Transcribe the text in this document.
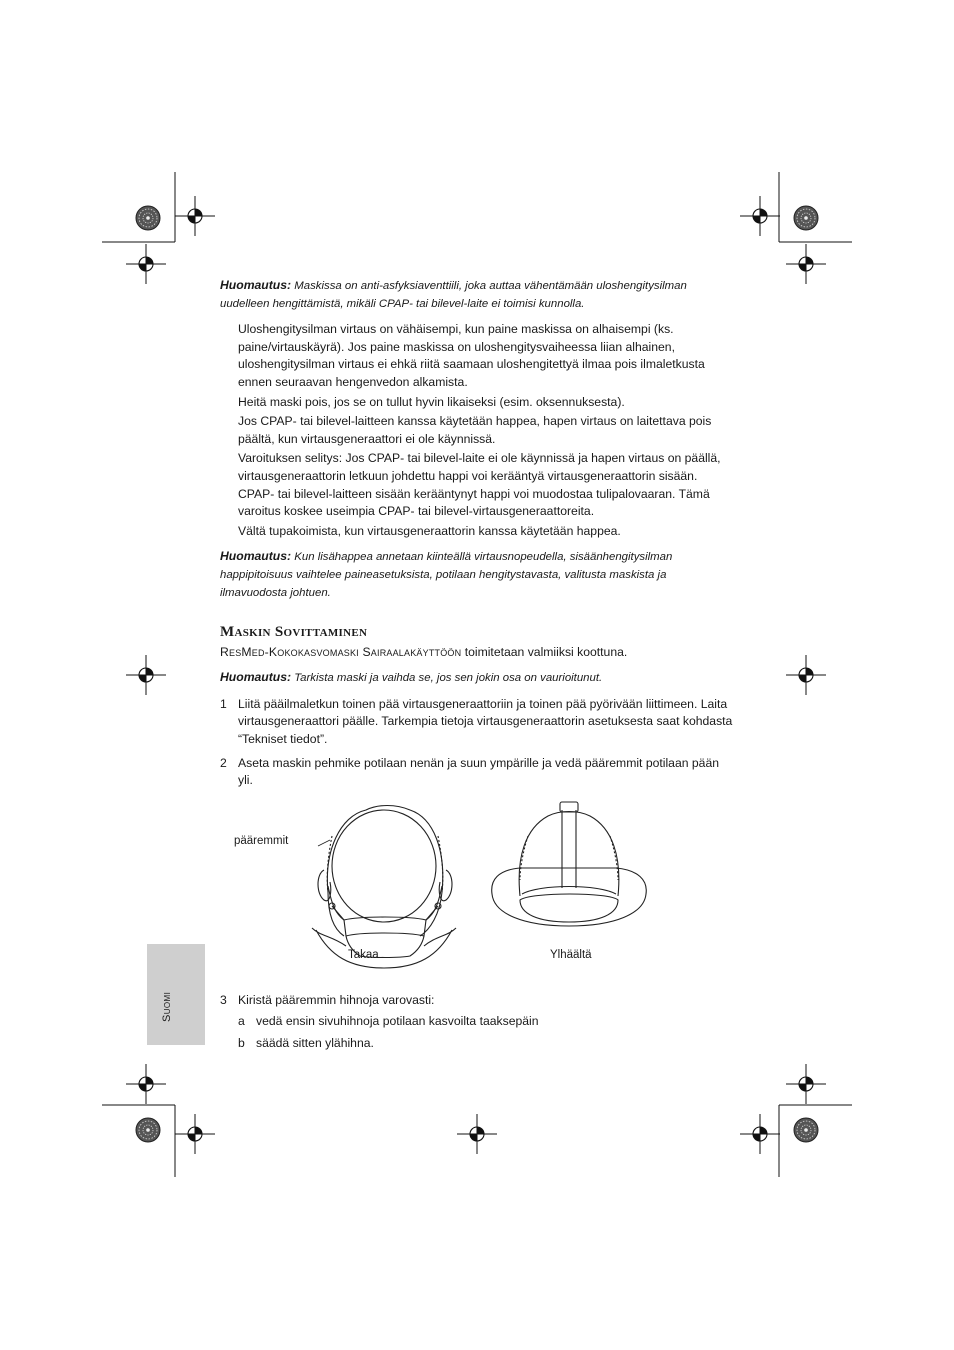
Suomi

Huomautus: Maskissa on anti-asfyksiaventtiili, joka auttaa vähentämään uloshengitysilman uudelleen hengittämistä, mikäli CPAP- tai bilevel-laite ei toimisi kunnolla.

Uloshengitysilman virtaus on vähäisempi, kun paine maskissa on alhaisempi (ks. paine/virtauskäyrä). Jos paine maskissa on uloshengitysvaiheessa liian alhainen, uloshengitysilman virtaus ei ehkä riitä saamaan uloshengitettyä ilmaa pois ilmaletkusta ennen seuraavan hengenvedon alkamista.

Heitä maski pois, jos se on tullut hyvin likaiseksi (esim. oksennuksesta).

Jos CPAP- tai bilevel-laitteen kanssa käytetään happea, hapen virtaus on laitettava pois päältä, kun virtausgeneraattori ei ole käynnissä.

Varoituksen selitys: Jos CPAP- tai bilevel-laite ei ole käynnissä ja hapen virtaus on päällä, virtausgeneraattorin letkuun johdettu happi voi kerääntyä virtausgeneraattorin sisään. CPAP- tai bilevel-laitteen sisään kerääntynyt happi voi muodostaa tulipalovaaran. Tämä varoitus koskee useimpia CPAP- tai bilevel-virtausgeneraattoreita.

Vältä tupakoimista, kun virtausgeneraattorin kanssa käytetään happea.

Huomautus: Kun lisähappea annetaan kiinteällä virtausnopeudella, sisäänhengitysilman happipitoisuus vaihtelee paineasetuksista, potilaan hengitystavasta, valitusta maskista ja ilmavuodosta johtuen.

Maskin Sovittaminen

ResMed-Kokokasvomaski Sairaalakäyttöön toimitetaan valmiiksi koottuna.

Huomautus: Tarkista maski ja vaihda se, jos sen jokin osa on vaurioitunut.

1 Liitä pääilmaletkun toinen pää virtausgeneraattoriin ja toinen pää pyörivään liittimeen. Laita virtausgeneraattori päälle. Tarkempia tietoja virtausgeneraattorin asetuksesta saat kohdasta “Tekniset tiedot”.
2 Aseta maskin pehmike potilaan nenän ja suun ympärille ja vedä pääremmit potilaan pään yli.
pääremmit
Takaa	Ylhäältä
3 Kiristä pääremmin hihnoja varovasti:
a vedä ensin sivuhihnoja potilaan kasvoilta taaksepäin
b säädä sitten ylähihna.
